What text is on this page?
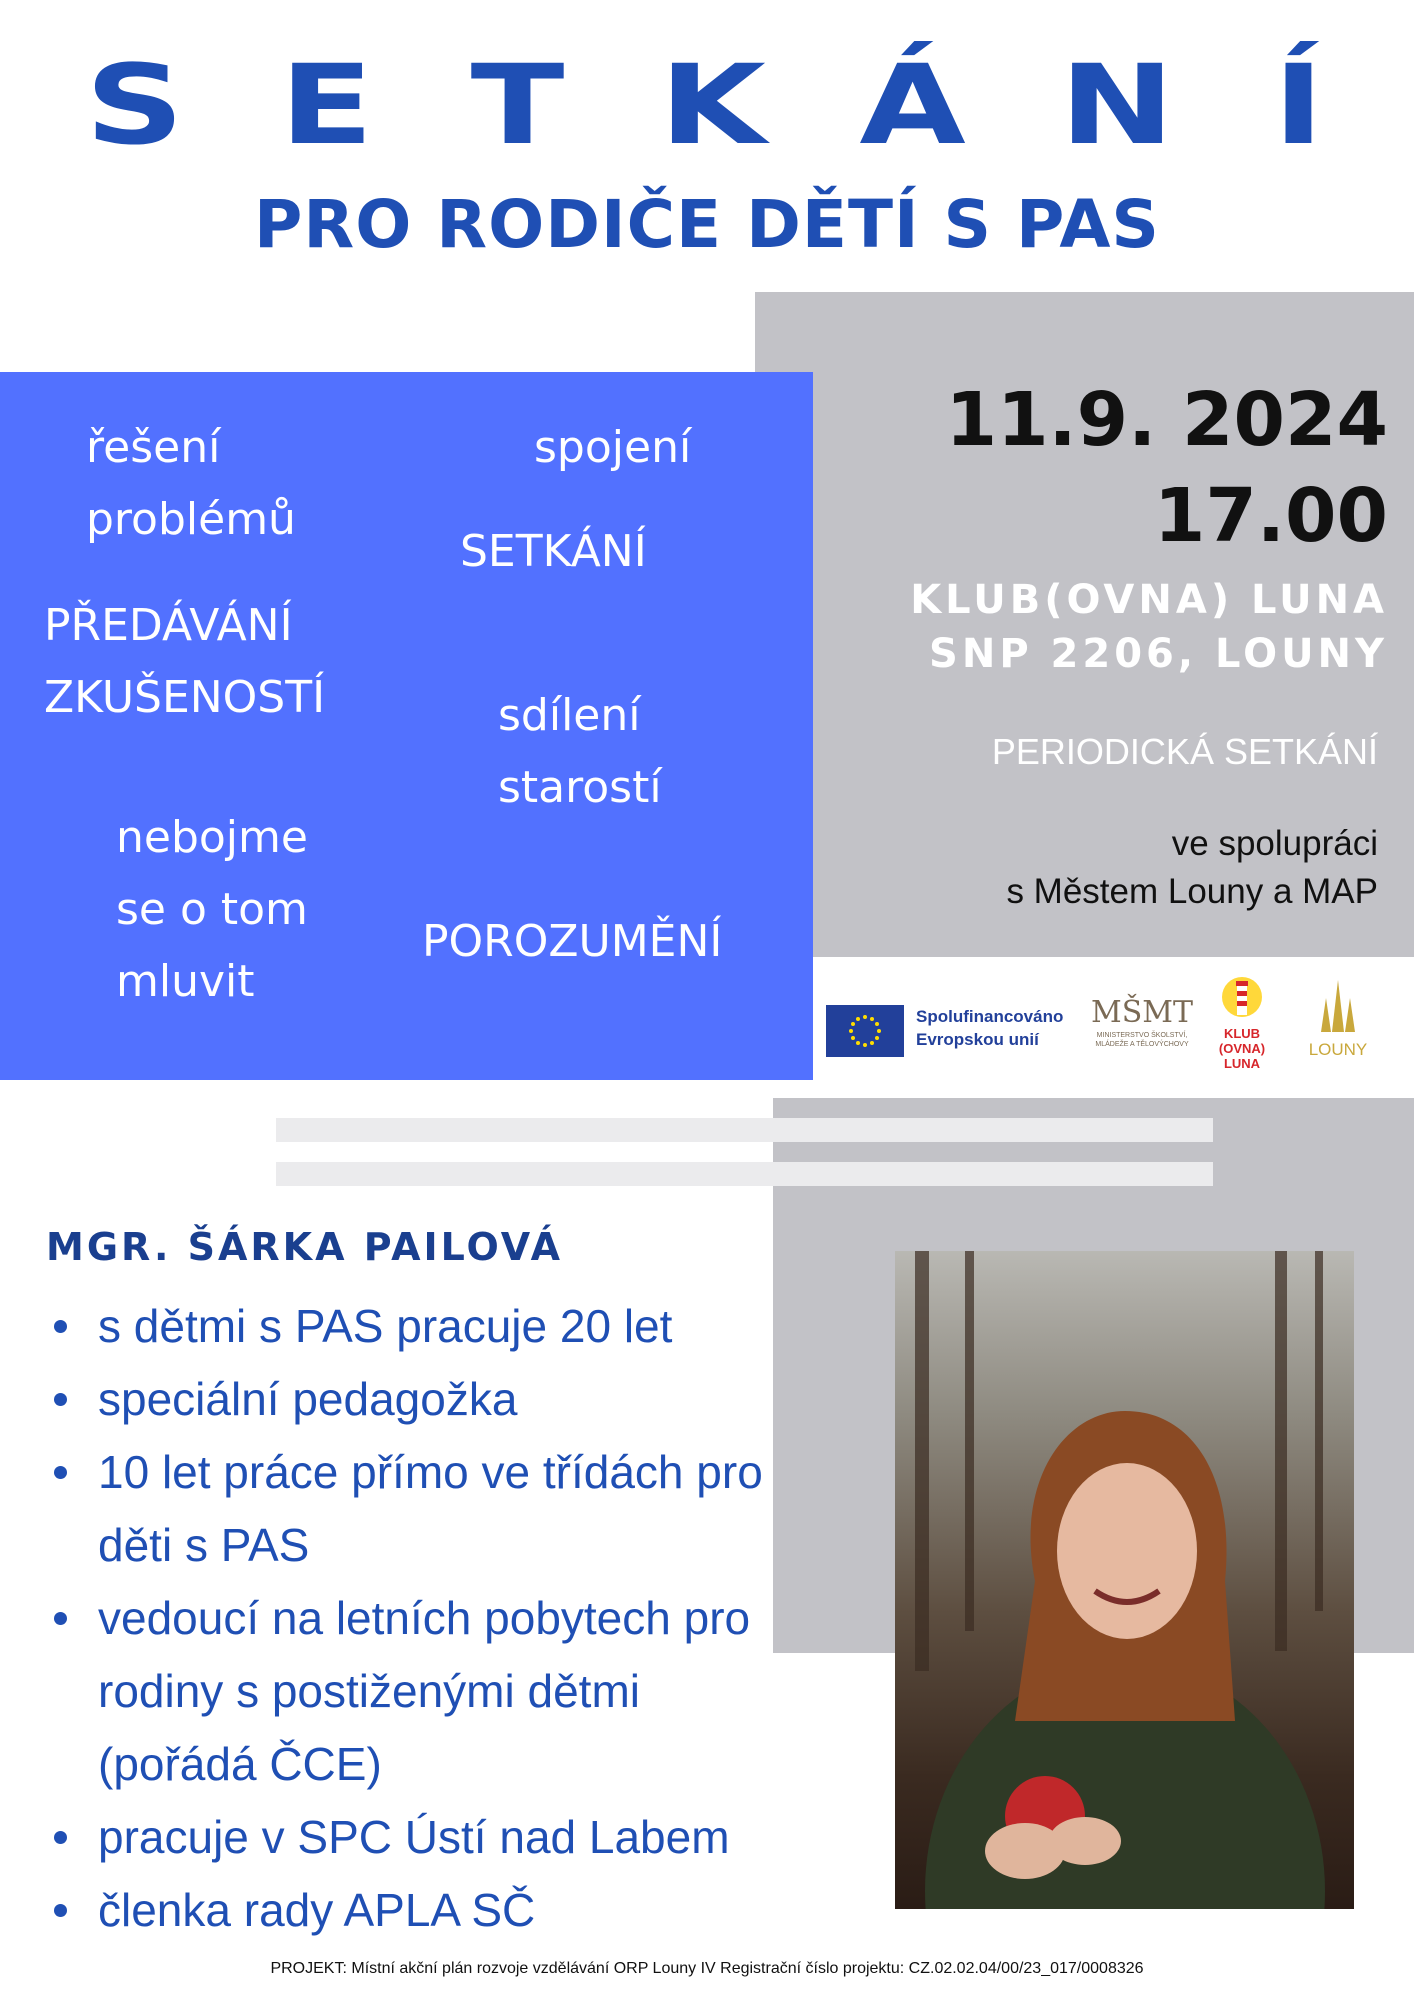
S E T K Á N Í
PRO RODIČE DĚTÍ S PAS
řešení
problémů
spojení
SETKÁNÍ
PŘEDÁVÁNÍ
ZKUŠENOSTÍ	sdílení
starostí
nebojme
se o tom
mluvit
POROZUMĚNÍ
11.9. 2024
17.00
KLUB(OVNA) LUNA
SNP 2206, LOUNY
PERIODICKÁ SETKÁNÍ
ve spolupráci
s Městem Louny a MAP
Spolufinancováno
Evropskou unií
MŠMT
MINISTERSTVO ŠKOLSTVÍ,
MLÁDEŽE A TĚLOVÝCHOVY
KLUB
(OVNA)
LUNA
LOUNY
MGR. ŠÁRKA PAILOVÁ
s dětmi s PAS pracuje 20 let
speciální pedagožka
10 let práce přímo ve třídách pro děti s PAS
vedoucí na letních pobytech pro rodiny s postiženými dětmi (pořádá ČCE)
pracuje v SPC Ústí nad Labem
členka rady APLA SČ
PROJEKT: Místní akční plán rozvoje vzdělávání ORP Louny IV Registrační číslo projektu: CZ.02.02.04/00/23_017/0008326
